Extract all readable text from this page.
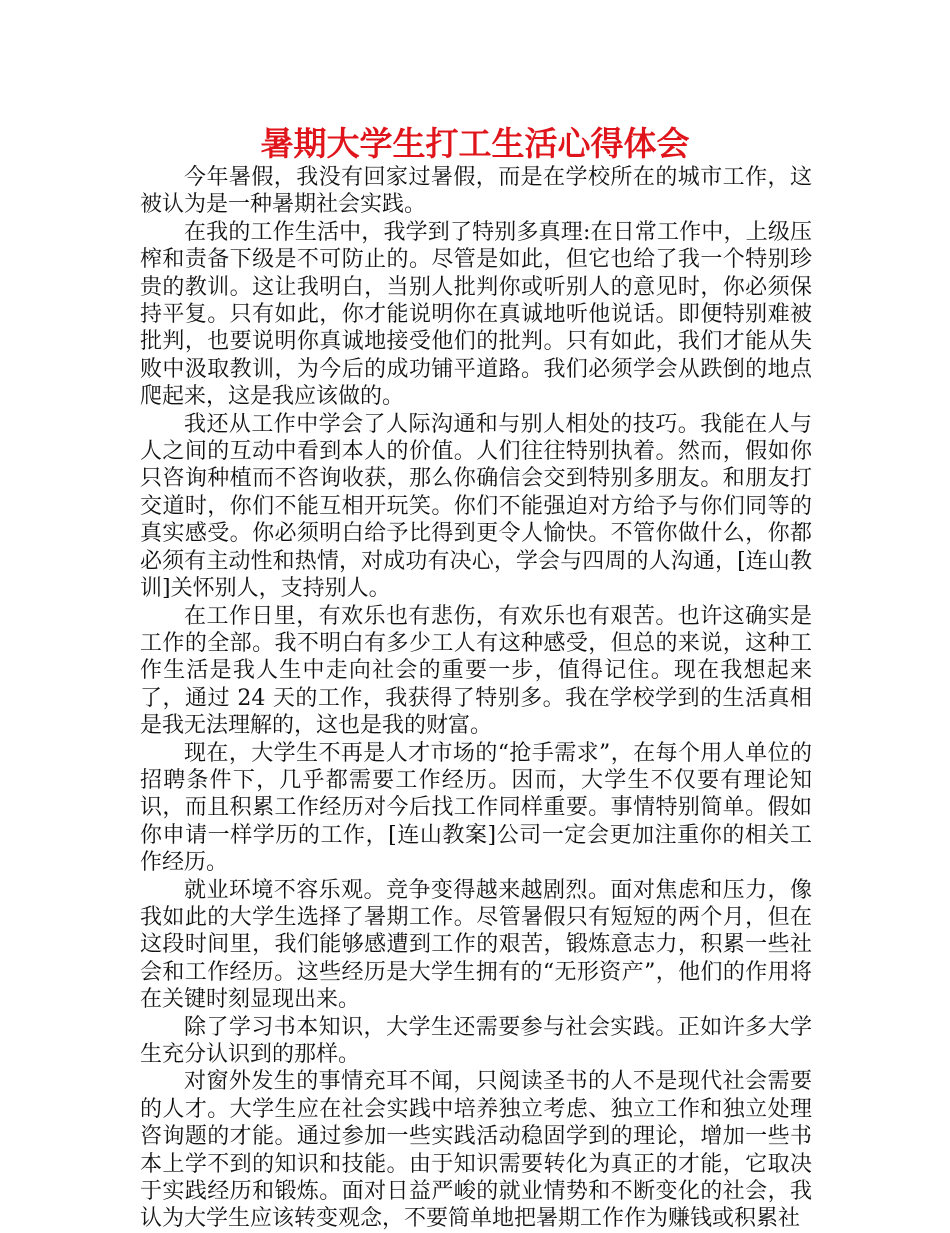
暑期大学生打工生活心得体会

今年暑假，我没有回家过暑假，而是在学校所在的城市工作，这被认为是一种暑期社会实践。

在我的工作生活中，我学到了特别多真理:在日常工作中，上级压榨和责备下级是不可防止的。尽管是如此，但它也给了我一个特别珍贵的教训。这让我明白，当别人批判你或听别人的意见时，你必须保持平复。只有如此，你才能说明你在真诚地听他说话。即便特别难被批判，也要说明你真诚地接受他们的批判。只有如此，我们才能从失败中汲取教训，为今后的成功铺平道路。我们必须学会从跌倒的地点爬起来，这是我应该做的。

我还从工作中学会了人际沟通和与别人相处的技巧。我能在人与人之间的互动中看到本人的价值。人们往往特别执着。然而，假如你只咨询种植而不咨询收获，那么你确信会交到特别多朋友。和朋友打交道时，你们不能互相开玩笑。你们不能强迫对方给予与你们同等的真实感受。你必须明白给予比得到更令人愉快。不管你做什么，你都必须有主动性和热情，对成功有决心，学会与四周的人沟通，[连山教训]关怀别人，支持别人。

在工作日里，有欢乐也有悲伤，有欢乐也有艰苦。也许这确实是工作的全部。我不明白有多少工人有这种感受，但总的来说，这种工作生活是我人生中走向社会的重要一步，值得记住。现在我想起来了，通过 24 天的工作，我获得了特别多。我在学校学到的生活真相是我无法理解的，这也是我的财富。

现在，大学生不再是人才市场的“抢手需求”，在每个用人单位的招聘条件下，几乎都需要工作经历。因而，大学生不仅要有理论知识，而且积累工作经历对今后找工作同样重要。事情特别简单。假如你申请一样学历的工作，[连山教案]公司一定会更加注重你的相关工作经历。

就业环境不容乐观。竞争变得越来越剧烈。面对焦虑和压力，像我如此的大学生选择了暑期工作。尽管暑假只有短短的两个月，但在这段时间里，我们能够感遭到工作的艰苦，锻炼意志力，积累一些社会和工作经历。这些经历是大学生拥有的“无形资产”，他们的作用将在关键时刻显现出来。

除了学习书本知识，大学生还需要参与社会实践。正如许多大学生充分认识到的那样。

对窗外发生的事情充耳不闻，只阅读圣书的人不是现代社会需要的人才。大学生应在社会实践中培养独立考虑、独立工作和独立处理咨询题的才能。通过参加一些实践活动稳固学到的理论，增加一些书本上学不到的知识和技能。由于知识需要转化为真正的才能，它取决于实践经历和锻炼。面对日益严峻的就业情势和不断变化的社会，我认为大学生应该转变观念，不要简单地把暑期工作作为赚钱或积累社
